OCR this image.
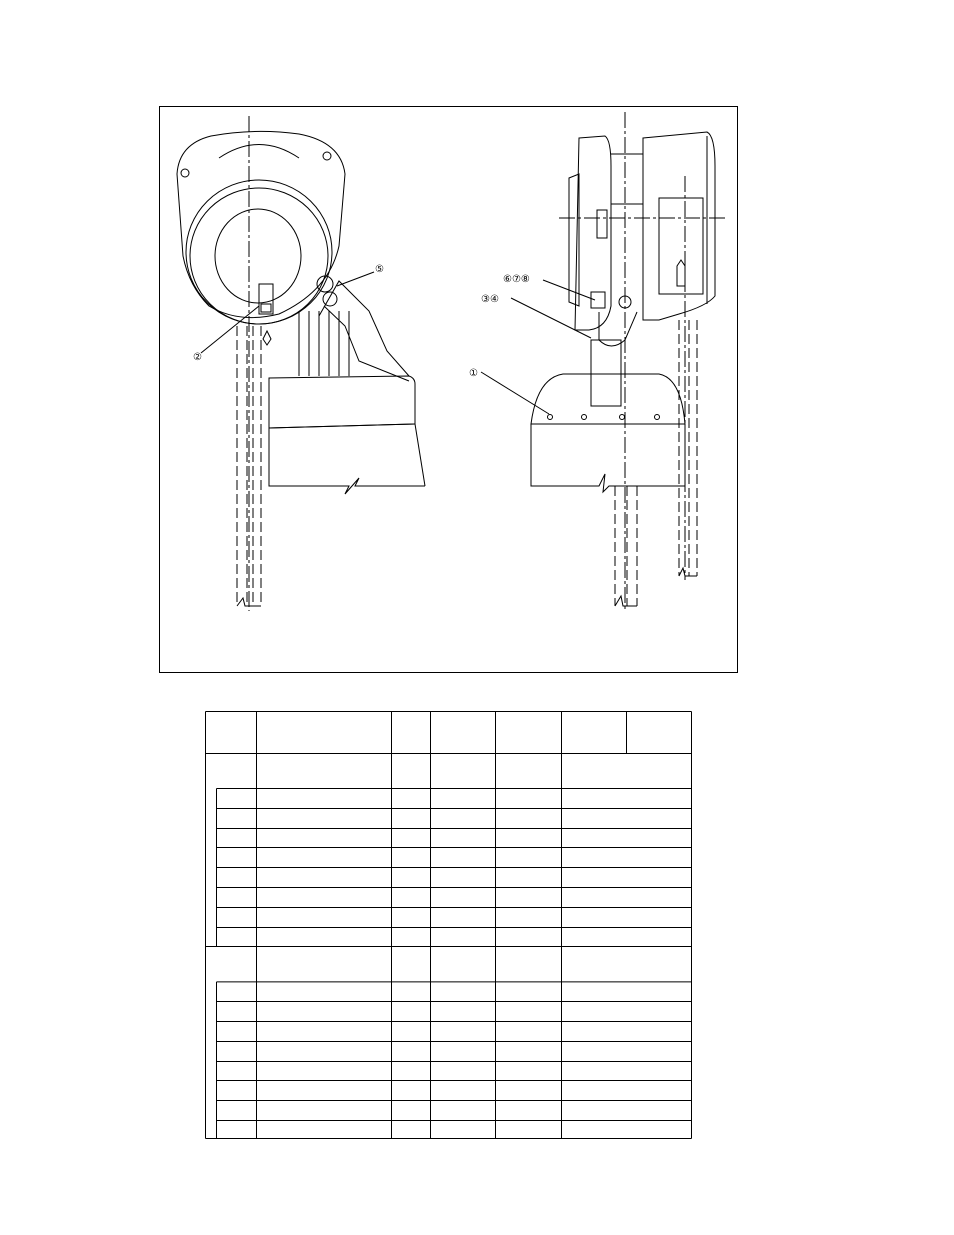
②
⑤
⑥⑦⑧
③④
①
